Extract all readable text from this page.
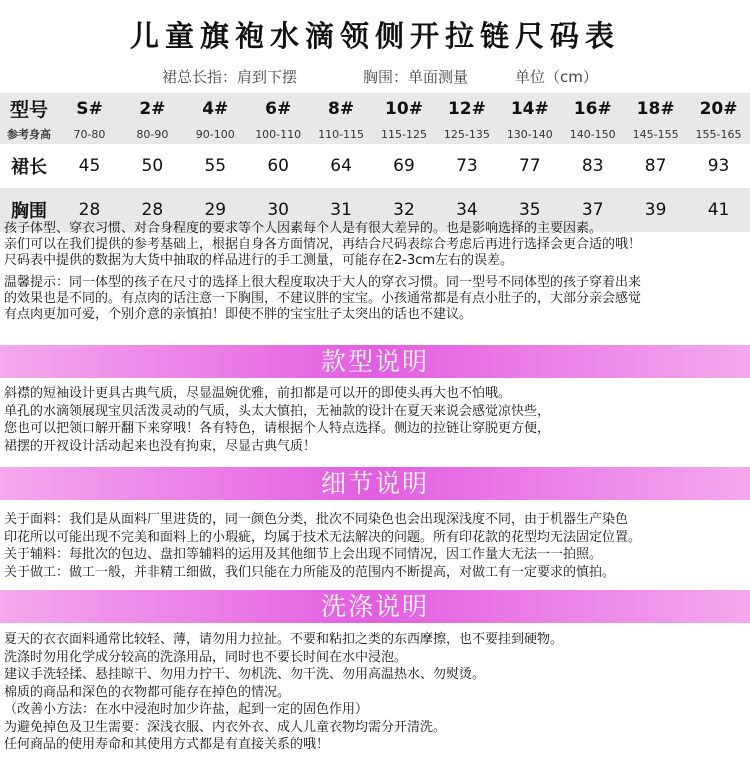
儿童旗袍水滴领侧开拉链尺码表
裙总长指：肩到下摆	胸围：单面测量	单位（cm）
型号	S#	2#	4#	6#	8#	10#	12#	14#	16#	18#	20#
参考身高	70-80	80-90	90-100	100-110	110-115	115-125	125-135	130-140	140-150	145-155	155-165
裙长	45	50	55	60	64	69	73	77	83	87	93
胸围	28	28	29	30	31	32	34	35	37	39	41
孩子体型、穿衣习惯、对合身程度的要求等个人因素每个人是有很大差异的。也是影响选择的主要因素。
亲们可以在我们提供的参考基础上，根据自身各方面情况，再结合尺码表综合考虑后再进行选择会更合适的哦！
尺码表中提供的数据为大货中抽取的样品进行的手工测量，可能存在2-3cm左右的误差。
温馨提示：同一体型的孩子在尺寸的选择上很大程度取决于大人的穿衣习惯。同一型号不同体型的孩子穿着出来
的效果也是不同的。有点肉的话注意一下胸围，不建议胖的宝宝。小孩通常都是有点小肚子的，大部分亲会感觉
有点肉更加可爱，个别介意的亲慎拍！即使不胖的宝宝肚子太突出的话也不建议。
款型说明
斜襟的短袖设计更具古典气质，尽显温婉优雅，前扣都是可以开的即使头再大也不怕哦。
单孔的水滴领展现宝贝活泼灵动的气质，头太大慎拍，无袖款的设计在夏天来说会感觉凉快些，
您也可以把领口解开翻下来穿哦！各有特色，请根据个人特点选择。侧边的拉链让穿脱更方便，
裙摆的开衩设计活动起来也没有拘束，尽显古典气质！
细节说明
关于面料：我们是从面料厂里进货的，同一颜色分类，批次不同染色也会出现深浅度不同，由于机器生产染色
印花所以可能出现不完美和面料上的小瑕疵，均属于技术无法解决的问题。所有印花款的花型均无法固定位置。
关于辅料：每批次的包边、盘扣等辅料的运用及其他细节上会出现不同情况，因工作量大无法一一拍照。
关于做工：做工一般，并非精工细做，我们只能在力所能及的范围内不断提高，对做工有一定要求的慎拍。
洗涤说明
夏天的衣衣面料通常比较轻、薄，请勿用力拉扯。不要和粘扣之类的东西摩擦，也不要挂到硬物。
洗涤时勿用化学成分较高的洗涤用品，同时也不要长时间在水中浸泡。
建议手洗轻揉、悬挂晾干、勿用力拧干、勿机洗、勿干洗、勿用高温热水、勿熨烫。
棉质的商品和深色的衣物都可能存在掉色的情况。
（改善小方法：在水中浸泡时加少许盐，起到一定的固色作用）
为避免掉色及卫生需要：深浅衣服、内衣外衣、成人儿童衣物均需分开清洗。
任何商品的使用寿命和其使用方式都是有直接关系的哦！
